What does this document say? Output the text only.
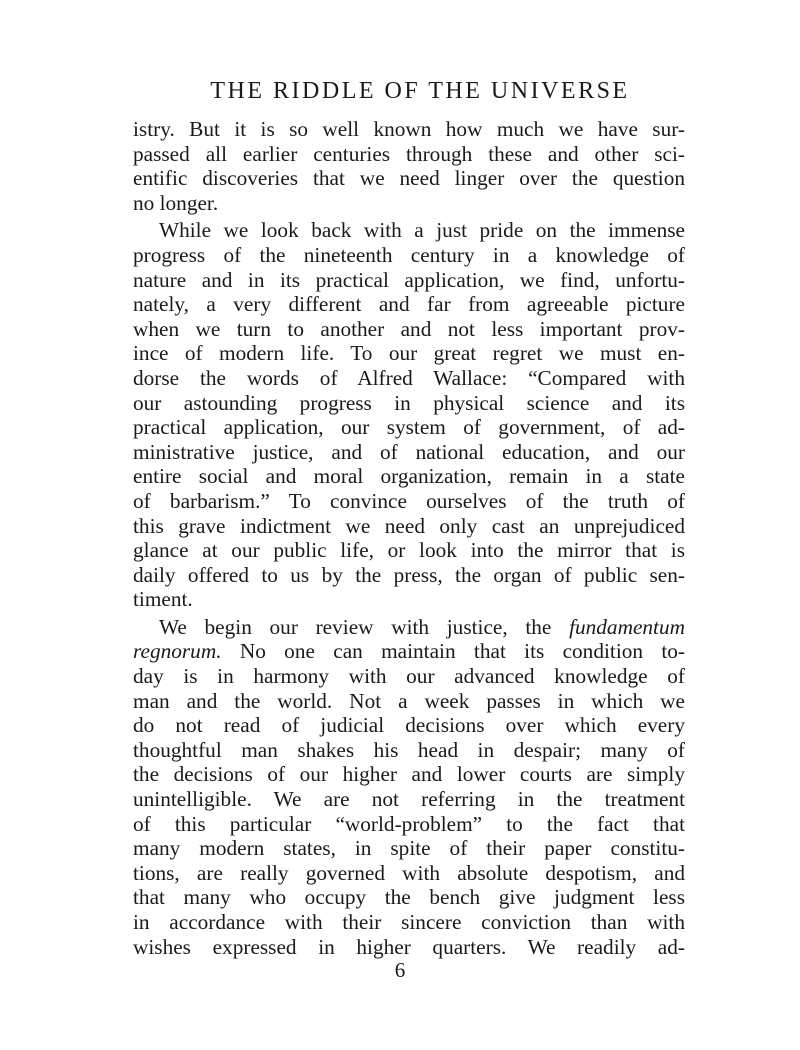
THE RIDDLE OF THE UNIVERSE
istry. But it is so well known how much we have sur-
passed all earlier centuries through these and other sci-
entific discoveries that we need linger over the question
no longer.
While we look back with a just pride on the immense
progress of the nineteenth century in a knowledge of
nature and in its practical application, we find, unfortu-
nately, a very different and far from agreeable picture
when we turn to another and not less important prov-
ince of modern life. To our great regret we must en-
dorse the words of Alfred Wallace: “Compared with
our astounding progress in physical science and its
practical application, our system of government, of ad-
ministrative justice, and of national education, and our
entire social and moral organization, remain in a state
of barbarism.” To convince ourselves of the truth of
this grave indictment we need only cast an unprejudiced
glance at our public life, or look into the mirror that is
daily offered to us by the press, the organ of public sen-
timent.
We begin our review with justice, the fundamentum
regnorum. No one can maintain that its condition to-
day is in harmony with our advanced knowledge of
man and the world. Not a week passes in which we
do not read of judicial decisions over which every
thoughtful man shakes his head in despair; many of
the decisions of our higher and lower courts are simply
unintelligible. We are not referring in the treatment
of this particular “world-problem” to the fact that
many modern states, in spite of their paper constitu-
tions, are really governed with absolute despotism, and
that many who occupy the bench give judgment less
in accordance with their sincere conviction than with
wishes expressed in higher quarters. We readily ad-
6
